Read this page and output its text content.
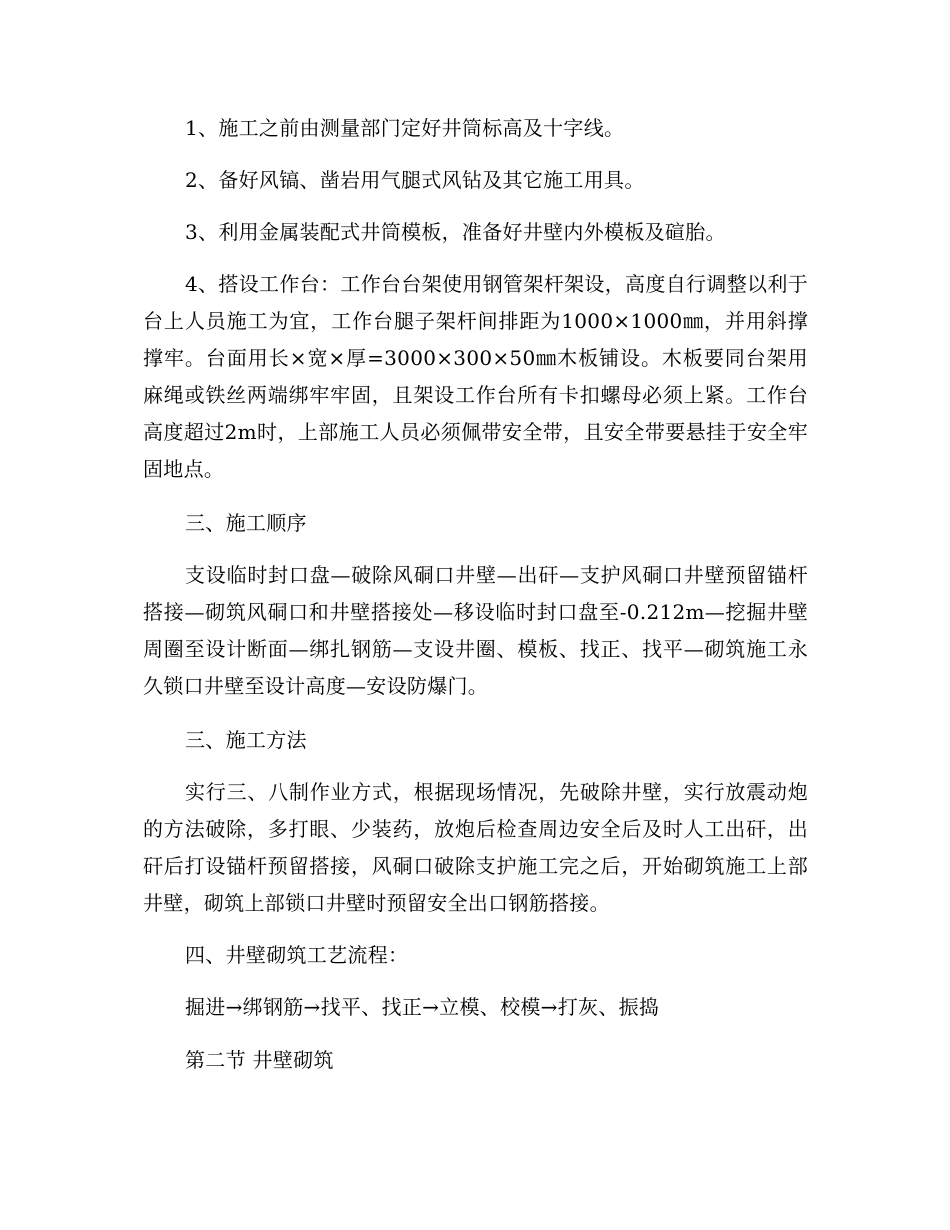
1、施工之前由测量部门定好井筒标高及十字线。

2、备好风镐、凿岩用气腿式风钻及其它施工用具。

3、利用金属装配式井筒模板，准备好井壁内外模板及碹胎。

4、搭设工作台：工作台台架使用钢管架杆架设，高度自行调整以利于台上人员施工为宜，工作台腿子架杆间排距为1000×1000㎜，并用斜撑撑牢。台面用长×宽×厚=3000×300×50㎜木板铺设。木板要同台架用麻绳或铁丝两端绑牢牢固，且架设工作台所有卡扣螺母必须上紧。工作台高度超过2m时，上部施工人员必须佩带安全带，且安全带要悬挂于安全牢固地点。

三、施工顺序

支设临时封口盘—破除风硐口井壁—出矸—支护风硐口井壁预留锚杆搭接—砌筑风硐口和井壁搭接处—移设临时封口盘至-0.212m—挖掘井壁周圈至设计断面—绑扎钢筋—支设井圈、模板、找正、找平—砌筑施工永久锁口井壁至设计高度—安设防爆门。

三、施工方法

实行三、八制作业方式，根据现场情况，先破除井壁，实行放震动炮的方法破除，多打眼、少装药，放炮后检查周边安全后及时人工出矸，出矸后打设锚杆预留搭接，风硐口破除支护施工完之后，开始砌筑施工上部井壁，砌筑上部锁口井壁时预留安全出口钢筋搭接。

四、井壁砌筑工艺流程：

掘进→绑钢筋→找平、找正→立模、校模→打灰、振捣

第二节 井壁砌筑
